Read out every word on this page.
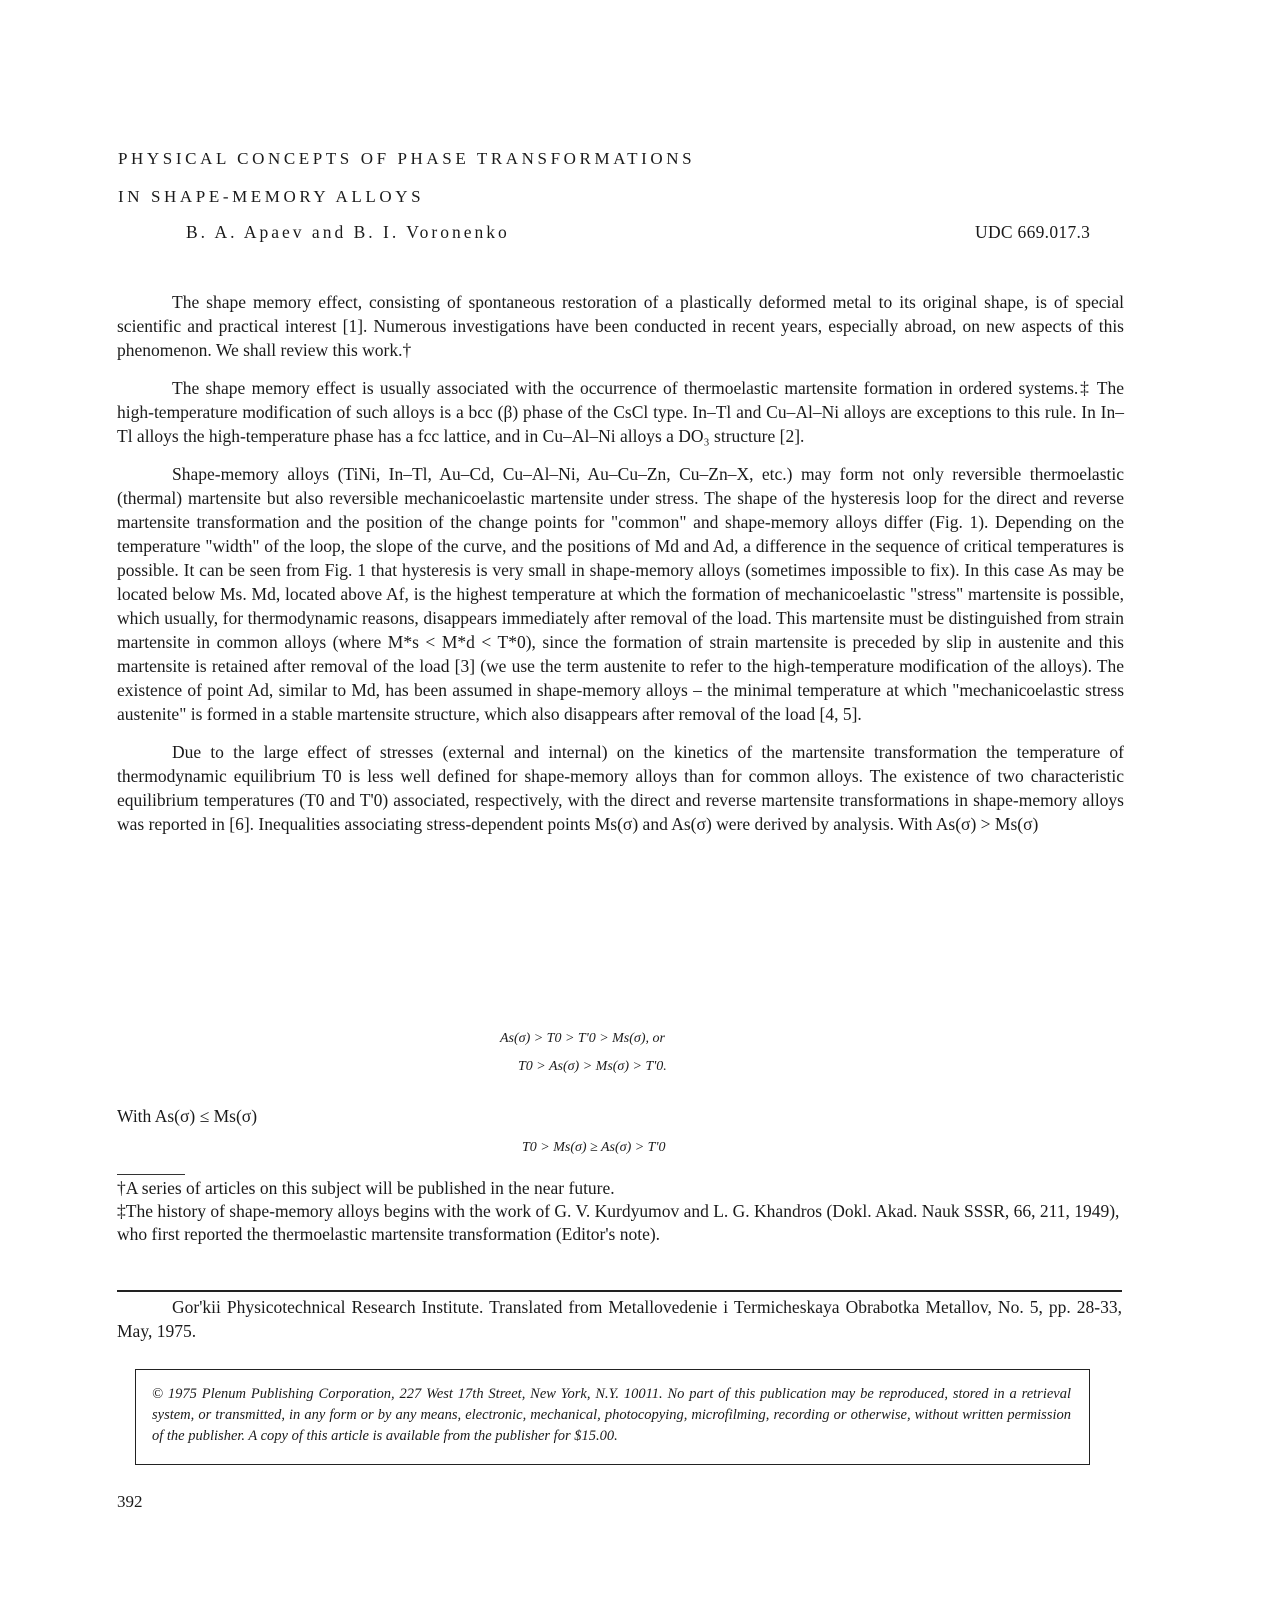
PHYSICAL CONCEPTS OF PHASE TRANSFORMATIONS
IN SHAPE-MEMORY ALLOYS
B. A. Apaev and B. I. Voronenko	UDC 669.017.3

The shape memory effect, consisting of spontaneous restoration of a plastically deformed metal to its original shape, is of special scientific and practical interest [1]. Numerous investigations have been conducted in recent years, especially abroad, on new aspects of this phenomenon. We shall review this work.†

The shape memory effect is usually associated with the occurrence of thermoelastic martensite formation in ordered systems.‡ The high-temperature modification of such alloys is a bcc (β) phase of the CsCl type. In–Tl and Cu–Al–Ni alloys are exceptions to this rule. In In–Tl alloys the high-temperature phase has a fcc lattice, and in Cu–Al–Ni alloys a DO₃ structure [2].

Shape-memory alloys (TiNi, In–Tl, Au–Cd, Cu–Al–Ni, Au–Cu–Zn, Cu–Zn–X, etc.) may form not only reversible thermoelastic (thermal) martensite but also reversible mechanicoelastic martensite under stress. The shape of the hysteresis loop for the direct and reverse martensite transformation and the position of the change points for "common" and shape-memory alloys differ (Fig. 1). Depending on the temperature "width" of the loop, the slope of the curve, and the positions of Md and Ad, a difference in the sequence of critical temperatures is possible. It can be seen from Fig. 1 that hysteresis is very small in shape-memory alloys (sometimes impossible to fix). In this case As may be located below Ms. Md, located above Af, is the highest temperature at which the formation of mechanicoelastic "stress" martensite is possible, which usually, for thermodynamic reasons, disappears immediately after removal of the load. This martensite must be distinguished from strain martensite in common alloys (where M*s < M*d < T*0), since the formation of strain martensite is preceded by slip in austenite and this martensite is retained after removal of the load [3] (we use the term austenite to refer to the high-temperature modification of the alloys). The existence of point Ad, similar to Md, has been assumed in shape-memory alloys – the minimal temperature at which "mechanicoelastic stress austenite" is formed in a stable martensite structure, which also disappears after removal of the load [4, 5].

Due to the large effect of stresses (external and internal) on the kinetics of the martensite transformation the temperature of thermodynamic equilibrium T0 is less well defined for shape-memory alloys than for common alloys. The existence of two characteristic equilibrium temperatures (T0 and T'0) associated, respectively, with the direct and reverse martensite transformations in shape-memory alloys was reported in [6]. Inequalities associating stress-dependent points Ms(σ) and As(σ) were derived by analysis. With As(σ) > Ms(σ)

As(σ) > T0 > T'0 > Ms(σ), or
T0 > As(σ) > Ms(σ) > T'0.
With As(σ) ≤ Ms(σ)
T0 > Ms(σ) ≥ As(σ) > T'0
†A series of articles on this subject will be published in the near future.
‡The history of shape-memory alloys begins with the work of G. V. Kurdyumov and L. G. Khandros (Dokl. Akad. Nauk SSSR, 66, 211, 1949), who first reported the thermoelastic martensite transformation (Editor's note).
Gor'kii Physicotechnical Research Institute. Translated from Metallovedenie i Termicheskaya Obrabotka Metallov, No. 5, pp. 28-33, May, 1975.
© 1975 Plenum Publishing Corporation, 227 West 17th Street, New York, N.Y. 10011. No part of this publication may be reproduced, stored in a retrieval system, or transmitted, in any form or by any means, electronic, mechanical, photocopying, microfilming, recording or otherwise, without written permission of the publisher. A copy of this article is available from the publisher for $15.00.
392
